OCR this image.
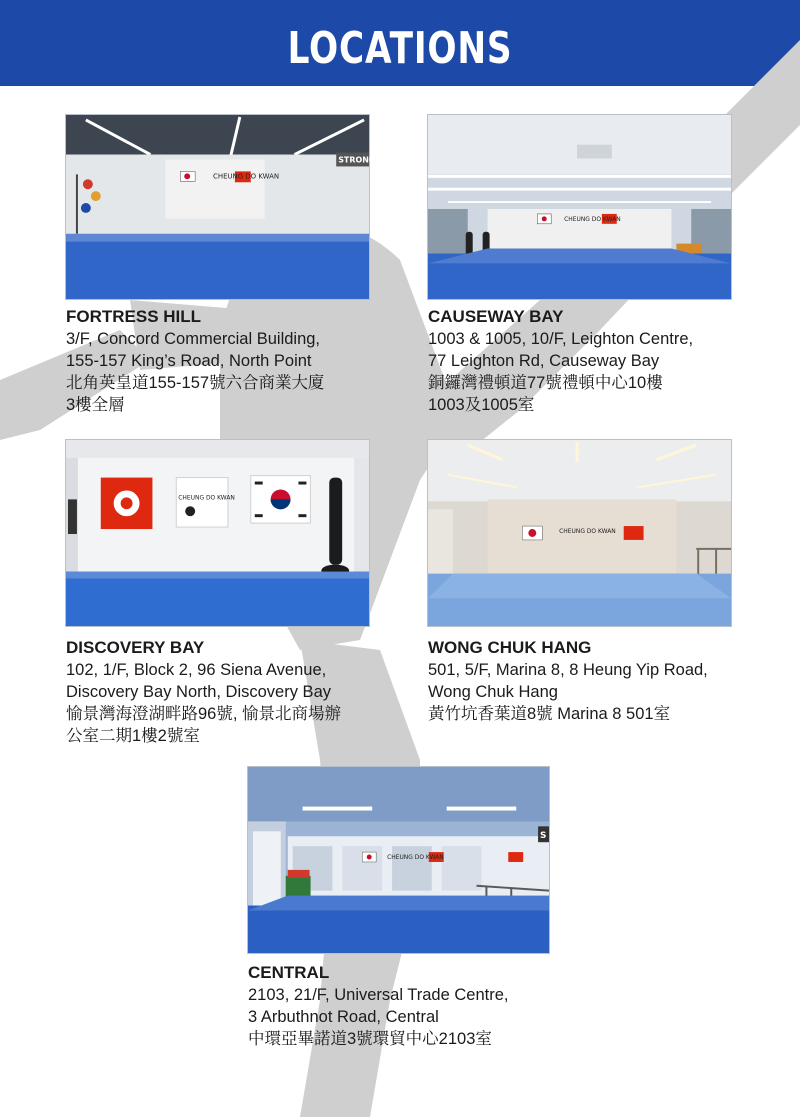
LOCATIONS
CHEUNG DO KWAN
STRONG
FORTRESS HILL
3/F, Concord Commercial Building,
155-157 King’s Road, North Point
北角英皇道155-157號六合商業大廈
3樓全層
CHEUNG DO KWAN
CAUSEWAY BAY
1003 & 1005, 10/F, Leighton Centre,
77 Leighton Rd, Causeway Bay
銅鑼灣禮頓道77號禮頓中心10樓
1003及1005室
CHEUNG DO KWAN
DISCOVERY BAY
102, 1/F, Block 2, 96 Siena Avenue,
Discovery Bay North, Discovery Bay
愉景灣海澄湖畔路96號, 愉景北商場辦
公室二期1樓2號室
CHEUNG DO KWAN
WONG CHUK HANG
501, 5/F, Marina 8, 8 Heung Yip Road,
Wong Chuk Hang
黃竹坑香葉道8號 Marina 8 501室
CHEUNG DO KWAN
S
CENTRAL
2103, 21/F, Universal Trade Centre,
3 Arbuthnot Road, Central
中環亞畢諾道3號環貿中心2103室
